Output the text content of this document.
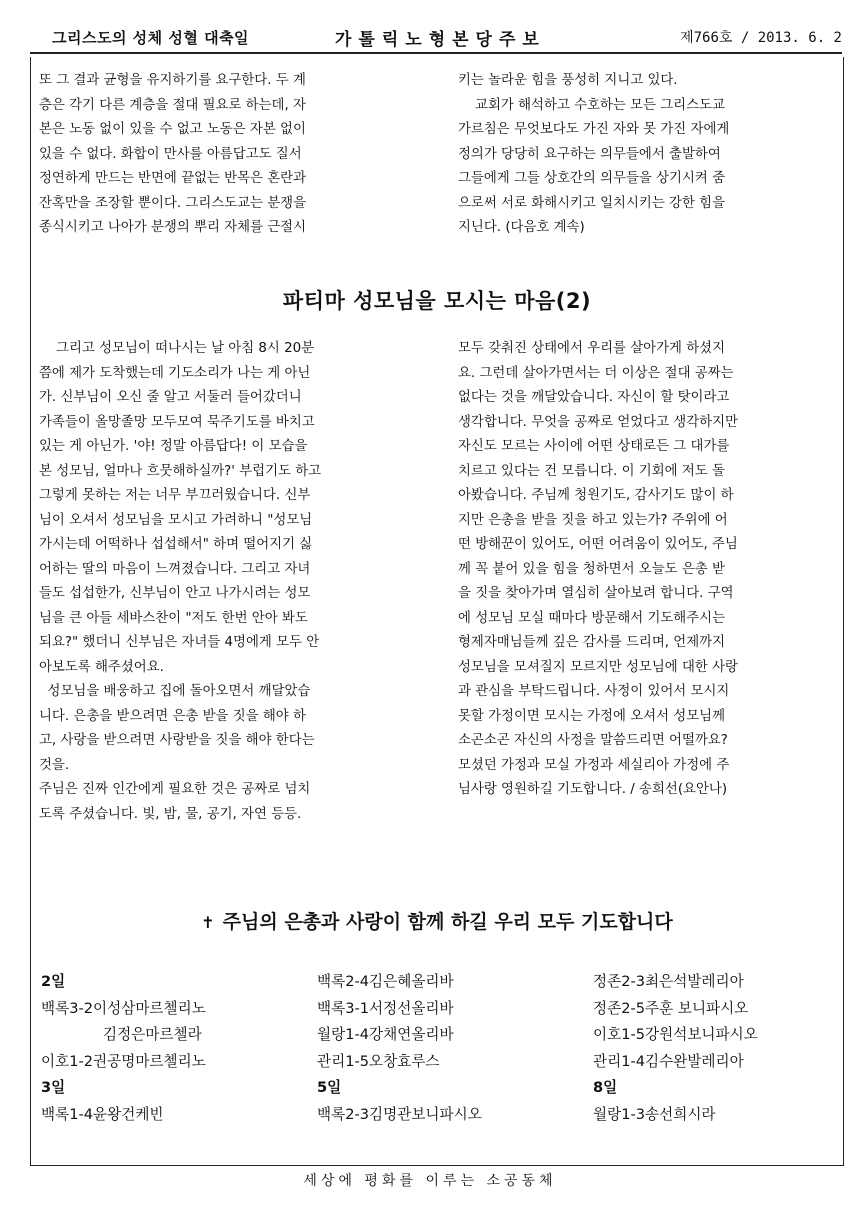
그리스도의 성체 성혈 대축일	가톨릭노형본당주보	제766호 / 2013. 6. 2
또 그 결과 균형을 유지하기를 요구한다. 두 계
층은 각기 다른 계층을 절대 필요로 하는데, 자
본은 노동 없이 있을 수 없고 노동은 자본 없이
있을 수 없다. 화합이 만사를 아름답고도 질서
정연하게 만드는 반면에 끝없는 반목은 혼란과
잔혹만을 조장할 뿐이다. 그리스도교는 분쟁을
종식시키고 나아가 분쟁의 뿌리 자체를 근절시
키는 놀라운 힘을 풍성히 지니고 있다.
교회가 해석하고 수호하는 모든 그리스도교
가르침은 무엇보다도 가진 자와 못 가진 자에게
정의가 당당히 요구하는 의무들에서 출발하여
그들에게 그들 상호간의 의무들을 상기시켜 줌
으로써 서로 화해시키고 일치시키는 강한 힘을
지닌다. (다음호 계속)
파티마 성모님을 모시는 마음(2)
그리고 성모님이 떠나시는 날 아침 8시 20분
쯤에 제가 도착했는데 기도소리가 나는 게 아닌
가. 신부님이 오신 줄 알고 서둘러 들어갔더니
가족들이 올망졸망 모두모여 묵주기도를 바치고
있는 게 아닌가. '야! 정말 아름답다! 이 모습을
본 성모님, 얼마나 흐뭇해하실까?' 부럽기도 하고
그렇게 못하는 저는 너무 부끄러웠습니다. 신부
님이 오셔서 성모님을 모시고 가려하니 "성모님
가시는데 어떡하나 섭섭해서" 하며 떨어지기 싫
어하는 딸의 마음이 느껴졌습니다. 그리고 자녀
들도 섭섭한가, 신부님이 안고 나가시려는 성모
님을 큰 아들 세바스찬이 "저도 한번 안아 봐도
되요?" 했더니 신부님은 자녀들 4명에게 모두 안
아보도록 해주셨어요.
성모님을 배웅하고 집에 돌아오면서 깨달았습
니다. 은총을 받으려면 은총 받을 짓을 해야 하
고, 사랑을 받으려면 사랑받을 짓을 해야 한다는
것을.
주님은 진짜 인간에게 필요한 것은 공짜로 넘치
도록 주셨습니다. 빛, 밤, 물, 공기, 자연 등등.
모두 갖춰진 상태에서 우리를 살아가게 하셨지
요. 그런데 살아가면서는 더 이상은 절대 공짜는
없다는 것을 깨달았습니다. 자신이 할 탓이라고
생각합니다. 무엇을 공짜로 얻었다고 생각하지만
자신도 모르는 사이에 어떤 상태로든 그 대가를
치르고 있다는 건 모릅니다. 이 기회에 저도 돌
아봤습니다. 주님께 청원기도, 감사기도 많이 하
지만 은총을 받을 짓을 하고 있는가? 주위에 어
떤 방해꾼이 있어도, 어떤 어려움이 있어도, 주님
께 꼭 붙어 있을 힘을 청하면서 오늘도 은총 받
을 짓을 찾아가며 열심히 살아보려 합니다. 구역
에 성모님 모실 때마다 방문해서 기도해주시는
형제자매님들께 깊은 감사를 드리며, 언제까지
성모님을 모셔질지 모르지만 성모님에 대한 사랑
과 관심을 부탁드립니다. 사정이 있어서 모시지
못할 가정이면 모시는 가정에 오셔서 성모님께
소곤소곤 자신의 사정을 말씀드리면 어떨까요?
모셨던 가정과 모실 가정과 세실리아 가정에 주
님사랑 영원하길 기도합니다. / 송희선(요안나)
✝ 주님의 은총과 사랑이 함께 하길 우리 모두 기도합니다
2일
백록3-2이성삼마르첼리노
김정은마르첼라
이호1-2권공명마르첼리노
3일
백록1-4윤왕건케빈
백록2-4김은혜올리바
백록3-1서정선올리바
월랑1-4강채연올리바
관리1-5오창효루스
5일
백록2-3김명관보니파시오
정존2-3최은석발레리아
정존2-5주훈 보니파시오
이호1-5강원석보니파시오
관리1-4김수완발레리아
8일
월랑1-3송선희시라
세상에 평화를 이루는 소공동체
